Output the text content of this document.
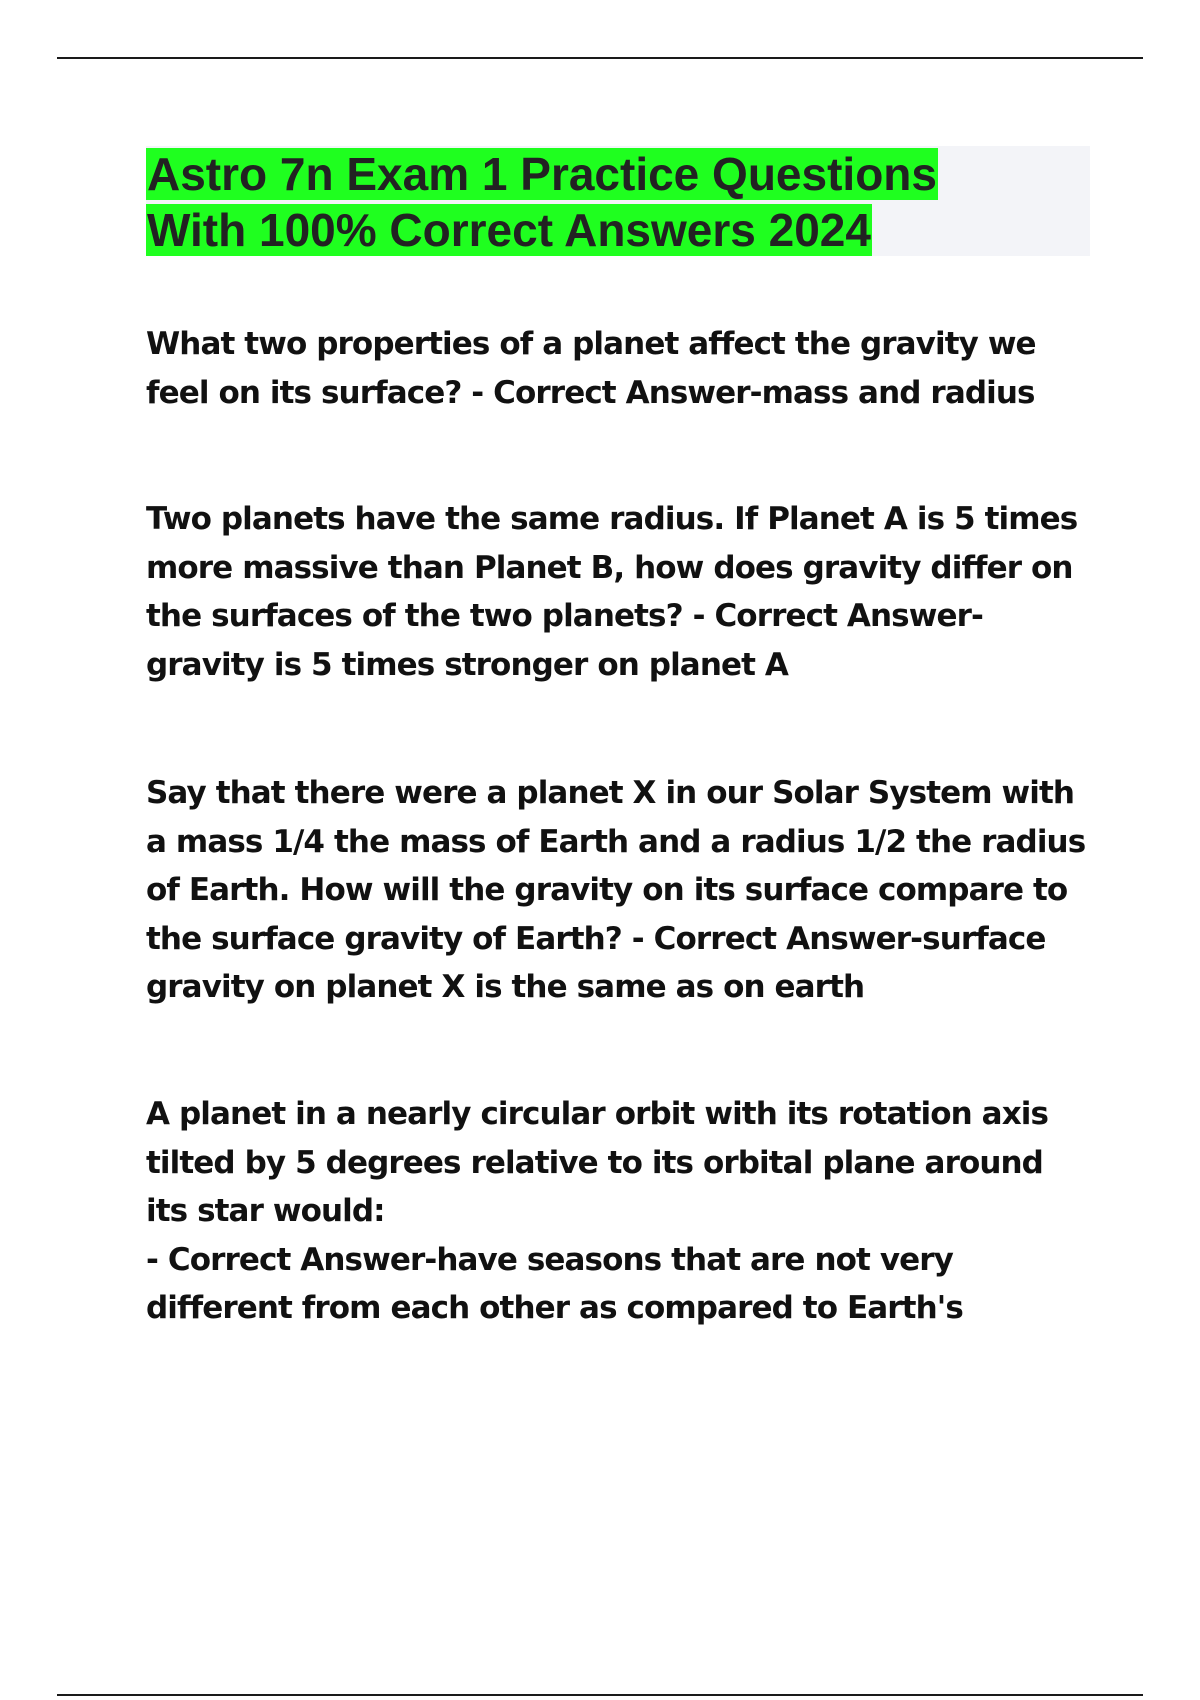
Astro 7n Exam 1 Practice Questions
With 100% Correct Answers 2024

What two properties of a planet affect the gravity we feel on its surface? - Correct Answer-mass and radius

Two planets have the same radius. If Planet A is 5 times more massive than Planet B, how does gravity differ on the surfaces of the two planets? - Correct Answer-gravity is 5 times stronger on planet A

Say that there were a planet X in our Solar System with a mass 1/4 the mass of Earth and a radius 1/2 the radius of Earth. How will the gravity on its surface compare to the surface gravity of Earth? - Correct Answer-surface gravity on planet X is the same as on earth

A planet in a nearly circular orbit with its rotation axis tilted by 5 degrees relative to its orbital plane around its star would:
- Correct Answer-have seasons that are not very different from each other as compared to Earth's
